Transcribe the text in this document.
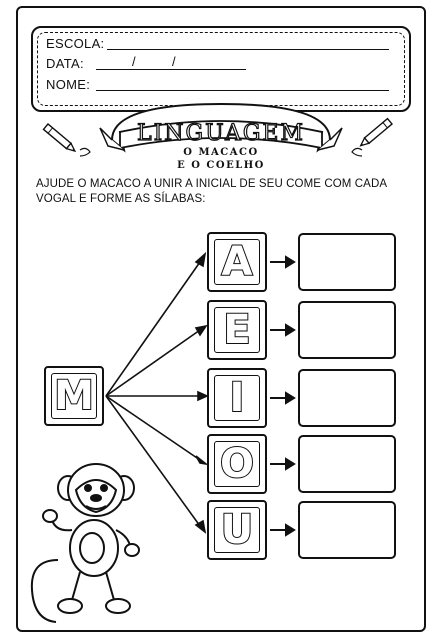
ESCOLA:
DATA:	/	/
NOME:
LINGUAGEM
O MACACO
E O COELHO
AJUDE O MACACO A UNIR A INICIAL DE SEU COME COM CADA
VOGAL E FORME AS SÍLABAS:
M
A
E
I
O
U
